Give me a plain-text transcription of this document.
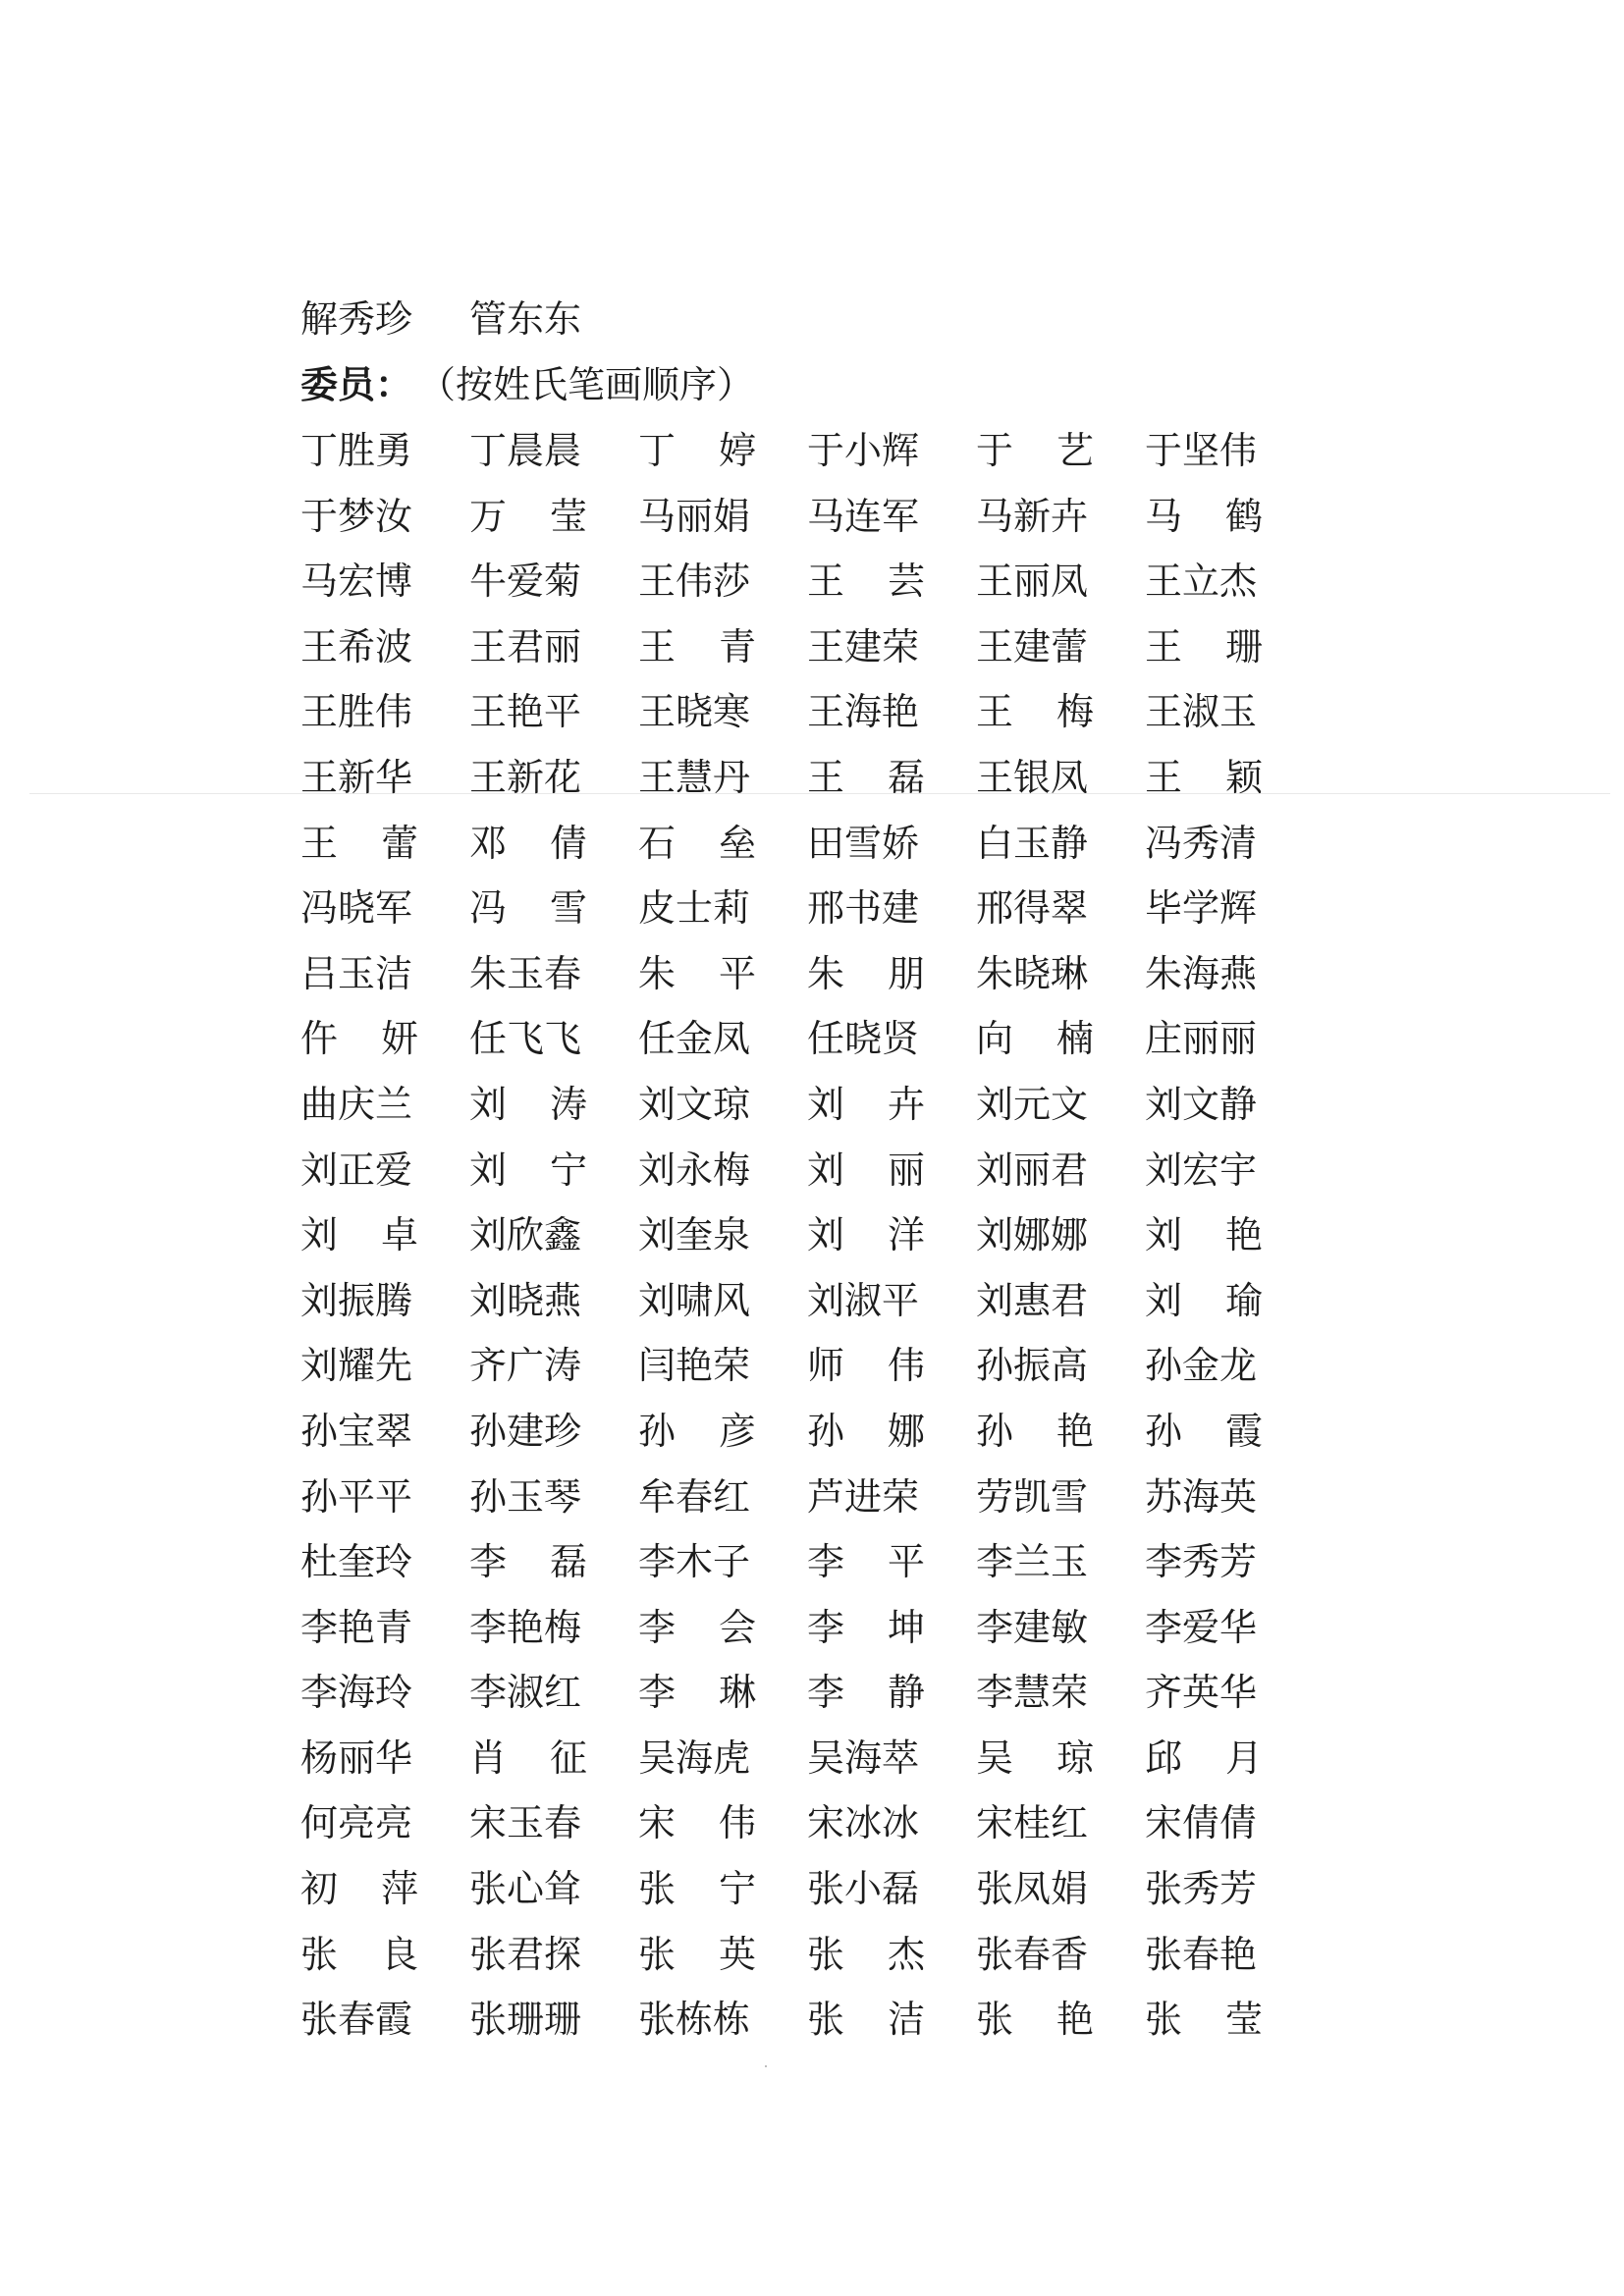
解秀珍 管东东
委员： （按姓氏笔画顺序）
丁胜勇 丁晨晨 丁 婷 于小辉 于 艺 于坚伟
于梦汝 万 莹 马丽娟 马连军 马新卉 马 鹤
马宏博 牛爱菊 王伟莎 王 芸 王丽凤 王立杰
王希波 王君丽 王 青 王建荣 王建蕾 王 珊
王胜伟 王艳平 王晓寒 王海艳 王 梅 王淑玉
王新华 王新花 王慧丹 王 磊 王银凤 王 颖
王 蕾 邓 倩 石 垒 田雪娇 白玉静 冯秀清
冯晓军 冯 雪 皮士莉 邢书建 邢得翠 毕学辉
吕玉洁 朱玉春 朱 平 朱 朋 朱晓琳 朱海燕
仵 妍 任飞飞 任金凤 任晓贤 向 楠 庄丽丽
曲庆兰 刘 涛 刘文琼 刘 卉 刘元文 刘文静
刘正爱 刘 宁 刘永梅 刘 丽 刘丽君 刘宏宇
刘 卓 刘欣鑫 刘奎泉 刘 洋 刘娜娜 刘 艳
刘振腾 刘晓燕 刘啸风 刘淑平 刘惠君 刘 瑜
刘耀先 齐广涛 闫艳荣 师 伟 孙振高 孙金龙
孙宝翠 孙建珍 孙 彦 孙 娜 孙 艳 孙 霞
孙平平 孙玉琴 牟春红 芦进荣 劳凯雪 苏海英
杜奎玲 李 磊 李木子 李 平 李兰玉 李秀芳
李艳青 李艳梅 李 会 李 坤 李建敏 李爱华
李海玲 李淑红 李 琳 李 静 李慧荣 齐英华
杨丽华 肖 征 吴海虎 吴海萃 吴 琼 邱 月
何亮亮 宋玉春 宋 伟 宋冰冰 宋桂红 宋倩倩
初 萍 张心耸 张 宁 张小磊 张凤娟 张秀芳
张 良 张君探 张 英 张 杰 张春香 张春艳
张春霞 张珊珊 张栋栋 张 洁 张 艳 张 莹
